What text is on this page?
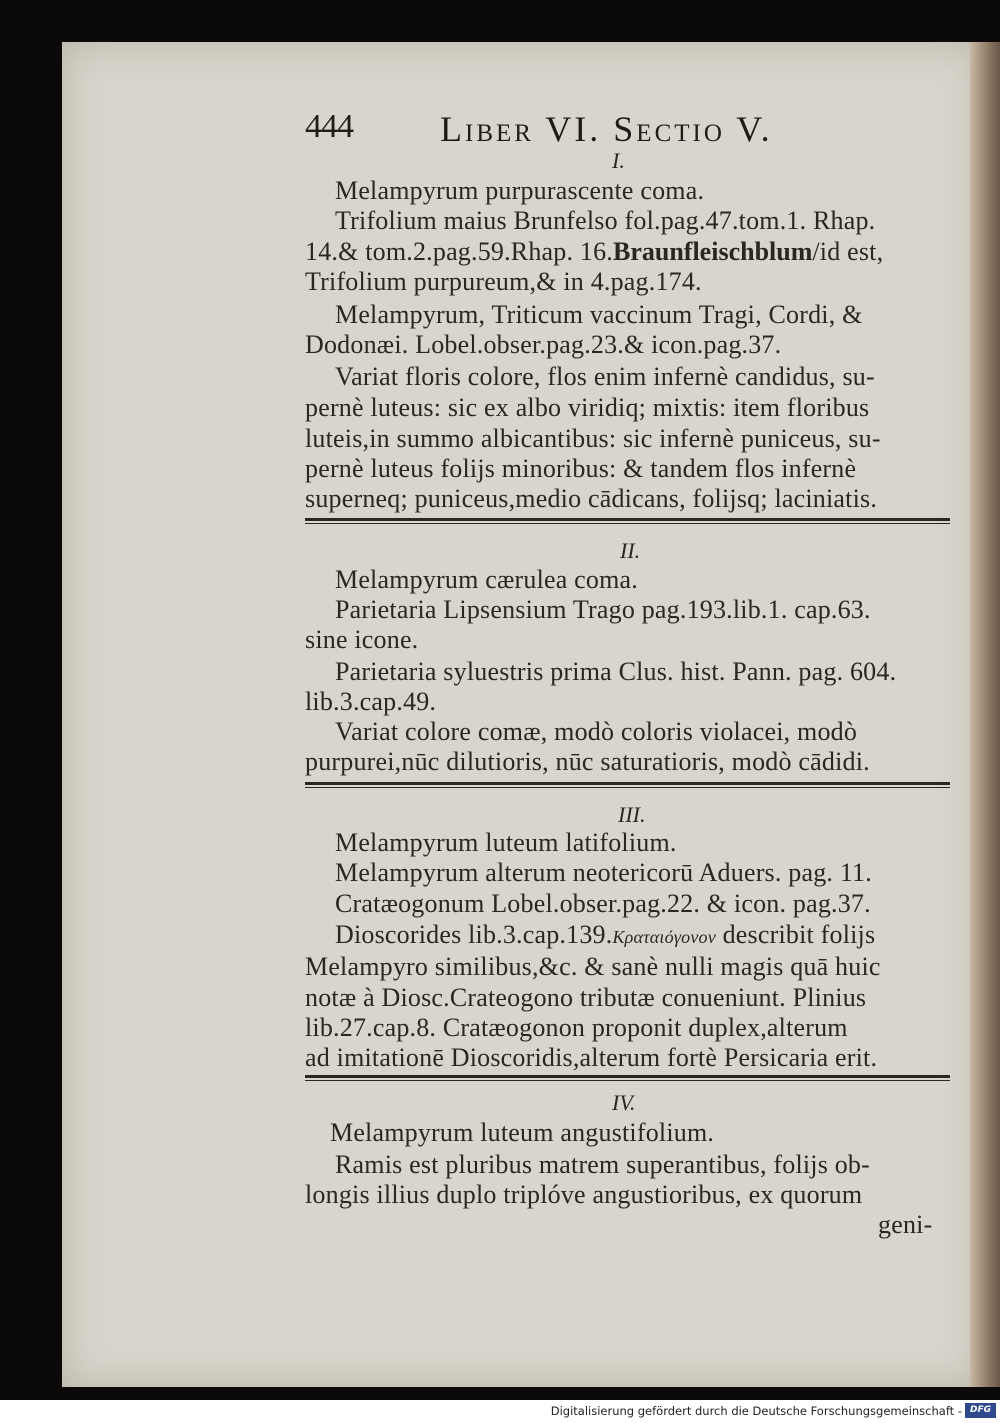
444 Liber VI. Sectio V.
I.
Melampyrum purpurascente coma.
Trifolium maius Brunfelso fol.pag.47.tom.1. Rhap.
14.& tom.2.pag.59.Rhap. 16.Braunfleischblum/id est,
Trifolium purpureum,& in 4.pag.174.
Melampyrum, Triticum vaccinum Tragi, Cordi, &
Dodonæi. Lobel.obser.pag.23.& icon.pag.37.
Variat floris colore, flos enim infernè candidus, su-
pernè luteus: sic ex albo viridiq; mixtis: item floribus
luteis,in summo albicantibus: sic infernè puniceus, su-
pernè luteus folijs minoribus: & tandem flos infernè
superneq; puniceus,medio cādicans, folijsq; laciniatis.
II.
Melampyrum cærulea coma.
Parietaria Lipsensium Trago pag.193.lib.1. cap.63.
sine icone.
Parietaria syluestris prima Clus. hist. Pann. pag. 604.
lib.3.cap.49.
Variat colore comæ, modò coloris violacei, modò
purpurei,nūc dilutioris, nūc saturatioris, modò cādidi.
III.
Melampyrum luteum latifolium.
Melampyrum alterum neotericorū Aduers. pag. 11.
Cratæogonum Lobel.obser.pag.22. & icon. pag.37.
Dioscorides lib.3.cap.139.Κραταιόγονον describit folijs
Melampyro similibus,&c. & sanè nulli magis quā huic
notæ à Diosc.Crateogono tributæ conueniunt. Plinius
lib.27.cap.8. Cratæogonon proponit duplex,alterum
ad imitationē Dioscoridis,alterum fortè Persicaria erit.
IV.
Melampyrum luteum angustifolium.
Ramis est pluribus matrem superantibus, folijs ob-
longis illius duplo triplóve angustioribus, ex quorum
geni-
Digitalisierung gefördert durch die Deutsche Forschungsgemeinschaft - DFG
